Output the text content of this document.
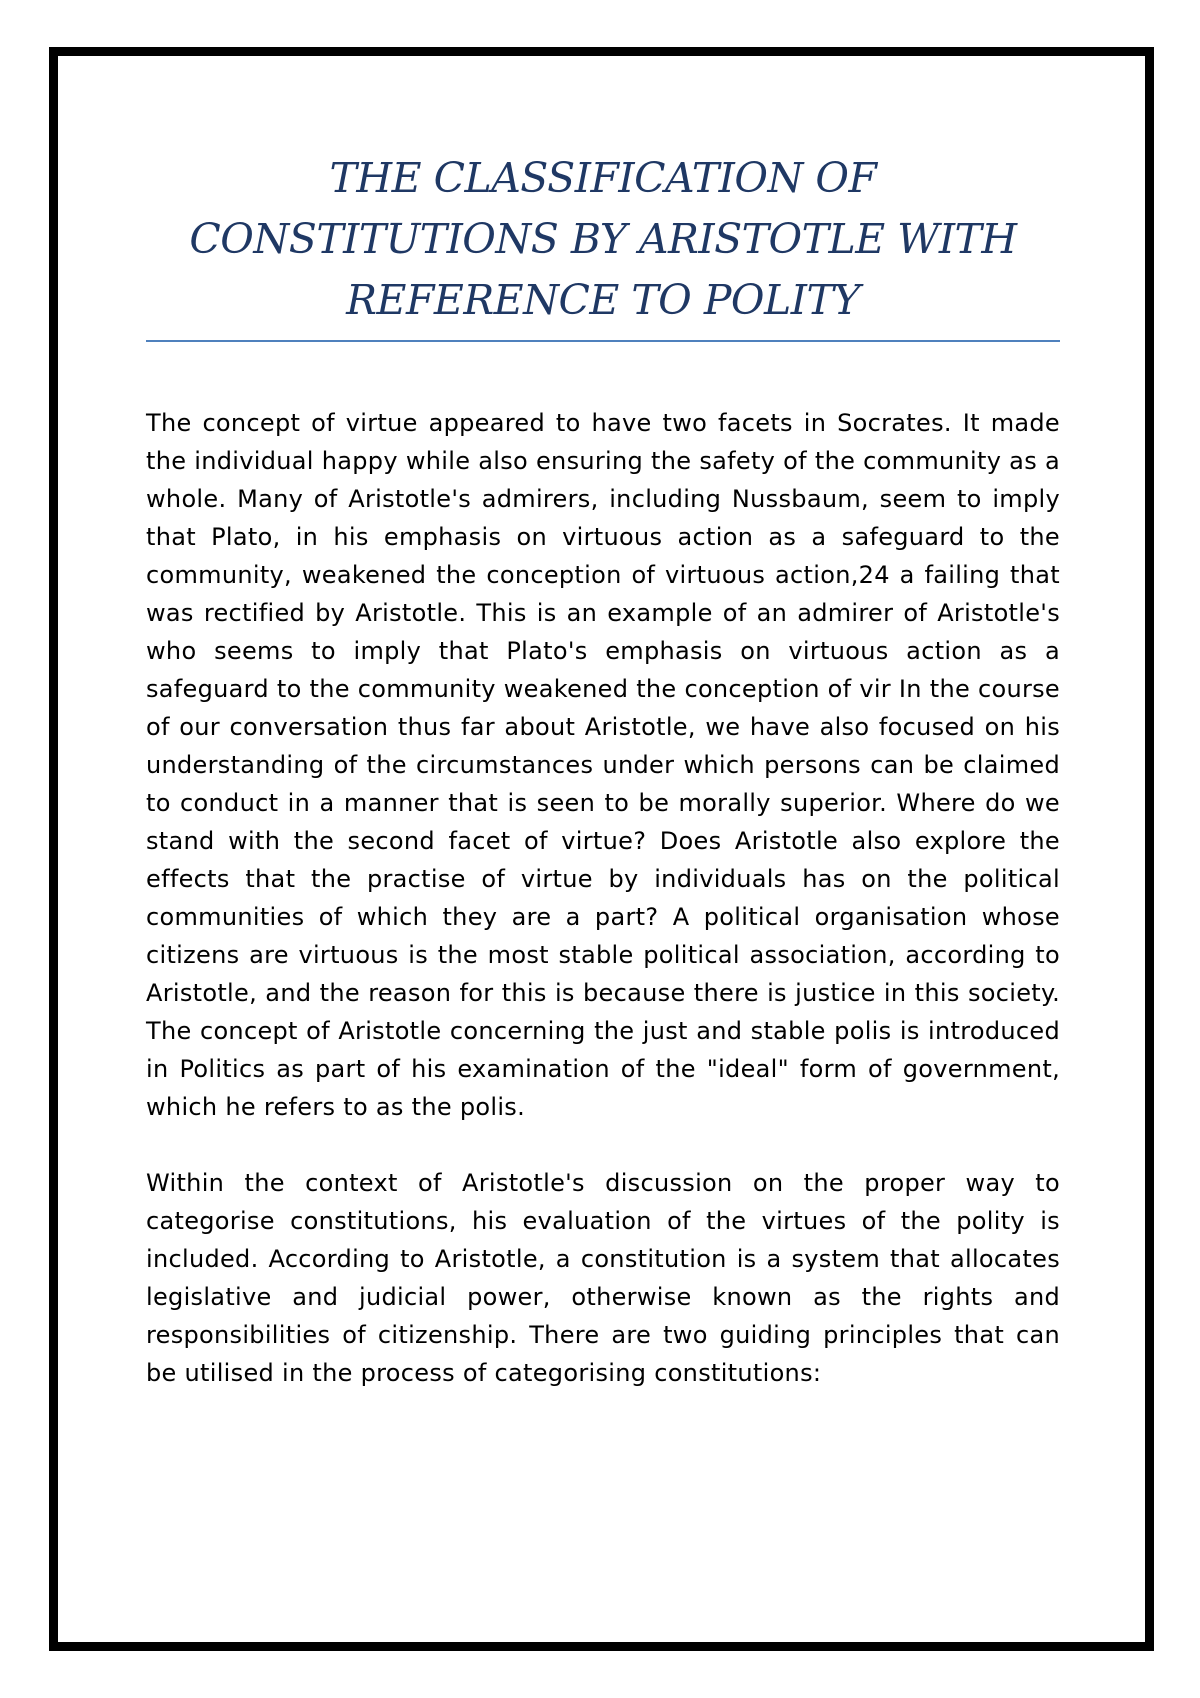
THE CLASSIFICATION OF CONSTITUTIONS BY ARISTOTLE WITH REFERENCE TO POLITY

The concept of virtue appeared to have two facets in Socrates. It made the individual happy while also ensuring the safety of the community as a whole. Many of Aristotle's admirers, including Nussbaum, seem to imply that Plato, in his emphasis on virtuous action as a safeguard to the community, weakened the conception of virtuous action,24 a failing that was rectified by Aristotle. This is an example of an admirer of Aristotle's who seems to imply that Plato's emphasis on virtuous action as a safeguard to the community weakened the conception of vir In the course of our conversation thus far about Aristotle, we have also focused on his understanding of the circumstances under which persons can be claimed to conduct in a manner that is seen to be morally superior. Where do we stand with the second facet of virtue? Does Aristotle also explore the effects that the practise of virtue by individuals has on the political communities of which they are a part? A political organisation whose citizens are virtuous is the most stable political association, according to Aristotle, and the reason for this is because there is justice in this society. The concept of Aristotle concerning the just and stable polis is introduced in Politics as part of his examination of the "ideal" form of government, which he refers to as the polis.

Within the context of Aristotle's discussion on the proper way to categorise constitutions, his evaluation of the virtues of the polity is included. According to Aristotle, a constitution is a system that allocates legislative and judicial power, otherwise known as the rights and responsibilities of citizenship. There are two guiding principles that can be utilised in the process of categorising constitutions:
